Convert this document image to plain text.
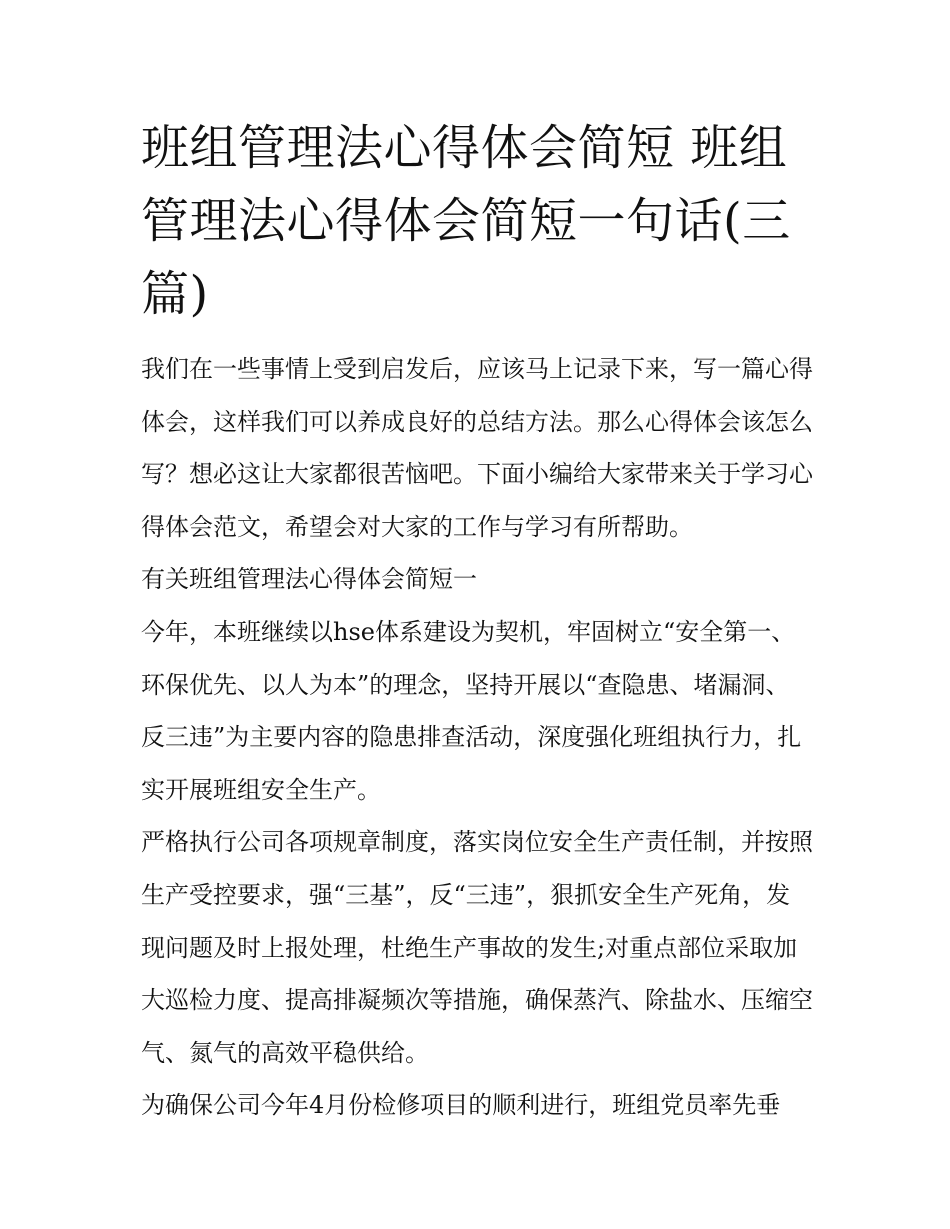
班组管理法心得体会简短 班组管理法心得体会简短一句话(三篇)

我们在一些事情上受到启发后，应该马上记录下来，写一篇心得体会，这样我们可以养成良好的总结方法。那么心得体会该怎么写？想必这让大家都很苦恼吧。下面小编给大家带来关于学习心得体会范文，希望会对大家的工作与学习有所帮助。

有关班组管理法心得体会简短一

今年，本班继续以hse体系建设为契机，牢固树立“安全第一、环保优先、以人为本”的理念，坚持开展以“查隐患、堵漏洞、反三违”为主要内容的隐患排查活动，深度强化班组执行力，扎实开展班组安全生产。

严格执行公司各项规章制度，落实岗位安全生产责任制，并按照生产受控要求，强“三基”，反“三违”，狠抓安全生产死角，发现问题及时上报处理，杜绝生产事故的发生;对重点部位采取加大巡检力度、提高排凝频次等措施，确保蒸汽、除盐水、压缩空气、氮气的高效平稳供给。

为确保公司今年4月份检修项目的顺利进行，班组党员率先垂
